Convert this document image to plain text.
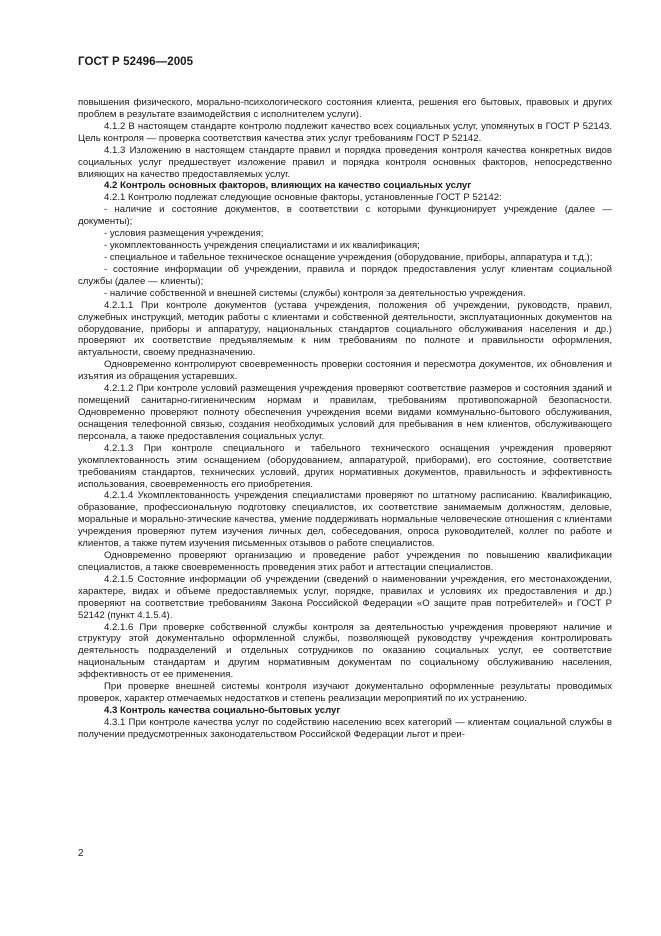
ГОСТ Р 52496—2005

повышения физического, морально-психологического состояния клиента, решения его бытовых, правовых и других проблем в результате взаимодействия с исполнителем услуги).

4.1.2 В настоящем стандарте контролю подлежит качество всех социальных услуг, упомянутых в ГОСТ Р 52143. Цель контроля — проверка соответствия качества этих услуг требованиям ГОСТ Р 52142.

4.1.3 Изложению в настоящем стандарте правил и порядка проведения контроля качества конкретных видов социальных услуг предшествует изложение правил и порядка контроля основных факторов, непосредственно влияющих на качество предоставляемых услуг.

4.2 Контроль основных факторов, влияющих на качество социальных услуг

4.2.1 Контролю подлежат следующие основные факторы, установленные ГОСТ Р 52142:

- наличие и состояние документов, в соответствии с которыми функционирует учреждение (далее — документы);

- условия размещения учреждения;

- укомплектованность учреждения специалистами и их квалификация;

- специальное и табельное техническое оснащение учреждения (оборудование, приборы, аппаратура и т.д.);

- состояние информации об учреждении, правила и порядок предоставления услуг клиентам социальной службы (далее — клиенты);

- наличие собственной и внешней системы (службы) контроля за деятельностью учреждения.

4.2.1.1 При контроле документов (устава учреждения, положения об учреждении, руководств, правил, служебных инструкций, методик работы с клиентами и собственной деятельности, эксплуатационных документов на оборудование, приборы и аппаратуру, национальных стандартов социального обслуживания населения и др.) проверяют их соответствие предъявляемым к ним требованиям по полноте и правильности оформления, актуальности, своему предназначению.

Одновременно контролируют своевременность проверки состояния и пересмотра документов, их обновления и изъятия из обращения устаревших.

4.2.1.2 При контроле условий размещения учреждения проверяют соответствие размеров и состояния зданий и помещений санитарно-гигиеническим нормам и правилам, требованиям противопожарной безопасности. Одновременно проверяют полноту обеспечения учреждения всеми видами коммунально-бытового обслуживания, оснащения телефонной связью, создания необходимых условий для пребывания в нем клиентов, обслуживающего персонала, а также предоставления социальных услуг.

4.2.1.3 При контроле специального и табельного технического оснащения учреждения проверяют укомплектованность этим оснащением (оборудованием, аппаратурой, приборами), его состояние, соответствие требованиям стандартов, технических условий, других нормативных документов, правильность и эффективность использования, своевременность его приобретения.

4.2.1.4 Укомплектованность учреждения специалистами проверяют по штатному расписанию. Квалификацию, образование, профессиональную подготовку специалистов, их соответствие занимаемым должностям, деловые, моральные и морально-этические качества, умение поддерживать нормальные человеческие отношения с клиентами учреждения проверяют путем изучения личных дел, собеседования, опроса руководителей, коллег по работе и клиентов, а также путем изучения письменных отзывов о работе специалистов.

Одновременно проверяют организацию и проведение работ учреждения по повышению квалификации специалистов, а также своевременность проведения этих работ и аттестации специалистов.

4.2.1.5 Состояние информации об учреждении (сведений о наименовании учреждения, его местонахождении, характере, видах и объеме предоставляемых услуг, порядке, правилах и условиях их предоставления и др.) проверяют на соответствие требованиям Закона Российской Федерации «О защите прав потребителей» и ГОСТ Р 52142 (пункт 4.1.5.4).

4.2.1.6 При проверке собственной службы контроля за деятельностью учреждения проверяют наличие и структуру этой документально оформленной службы, позволяющей руководству учреждения контролировать деятельность подразделений и отдельных сотрудников по оказанию социальных услуг, ее соответствие национальным стандартам и другим нормативным документам по социальному обслуживанию населения, эффективность от ее применения.

При проверке внешней системы контроля изучают документально оформленные результаты проводимых проверок, характер отмечаемых недостатков и степень реализации мероприятий по их устранению.

4.3 Контроль качества социально-бытовых услуг

4.3.1 При контроле качества услуг по содействию населению всех категорий — клиентам социальной службы в получении предусмотренных законодательством Российской Федерации льгот и преи-

2
